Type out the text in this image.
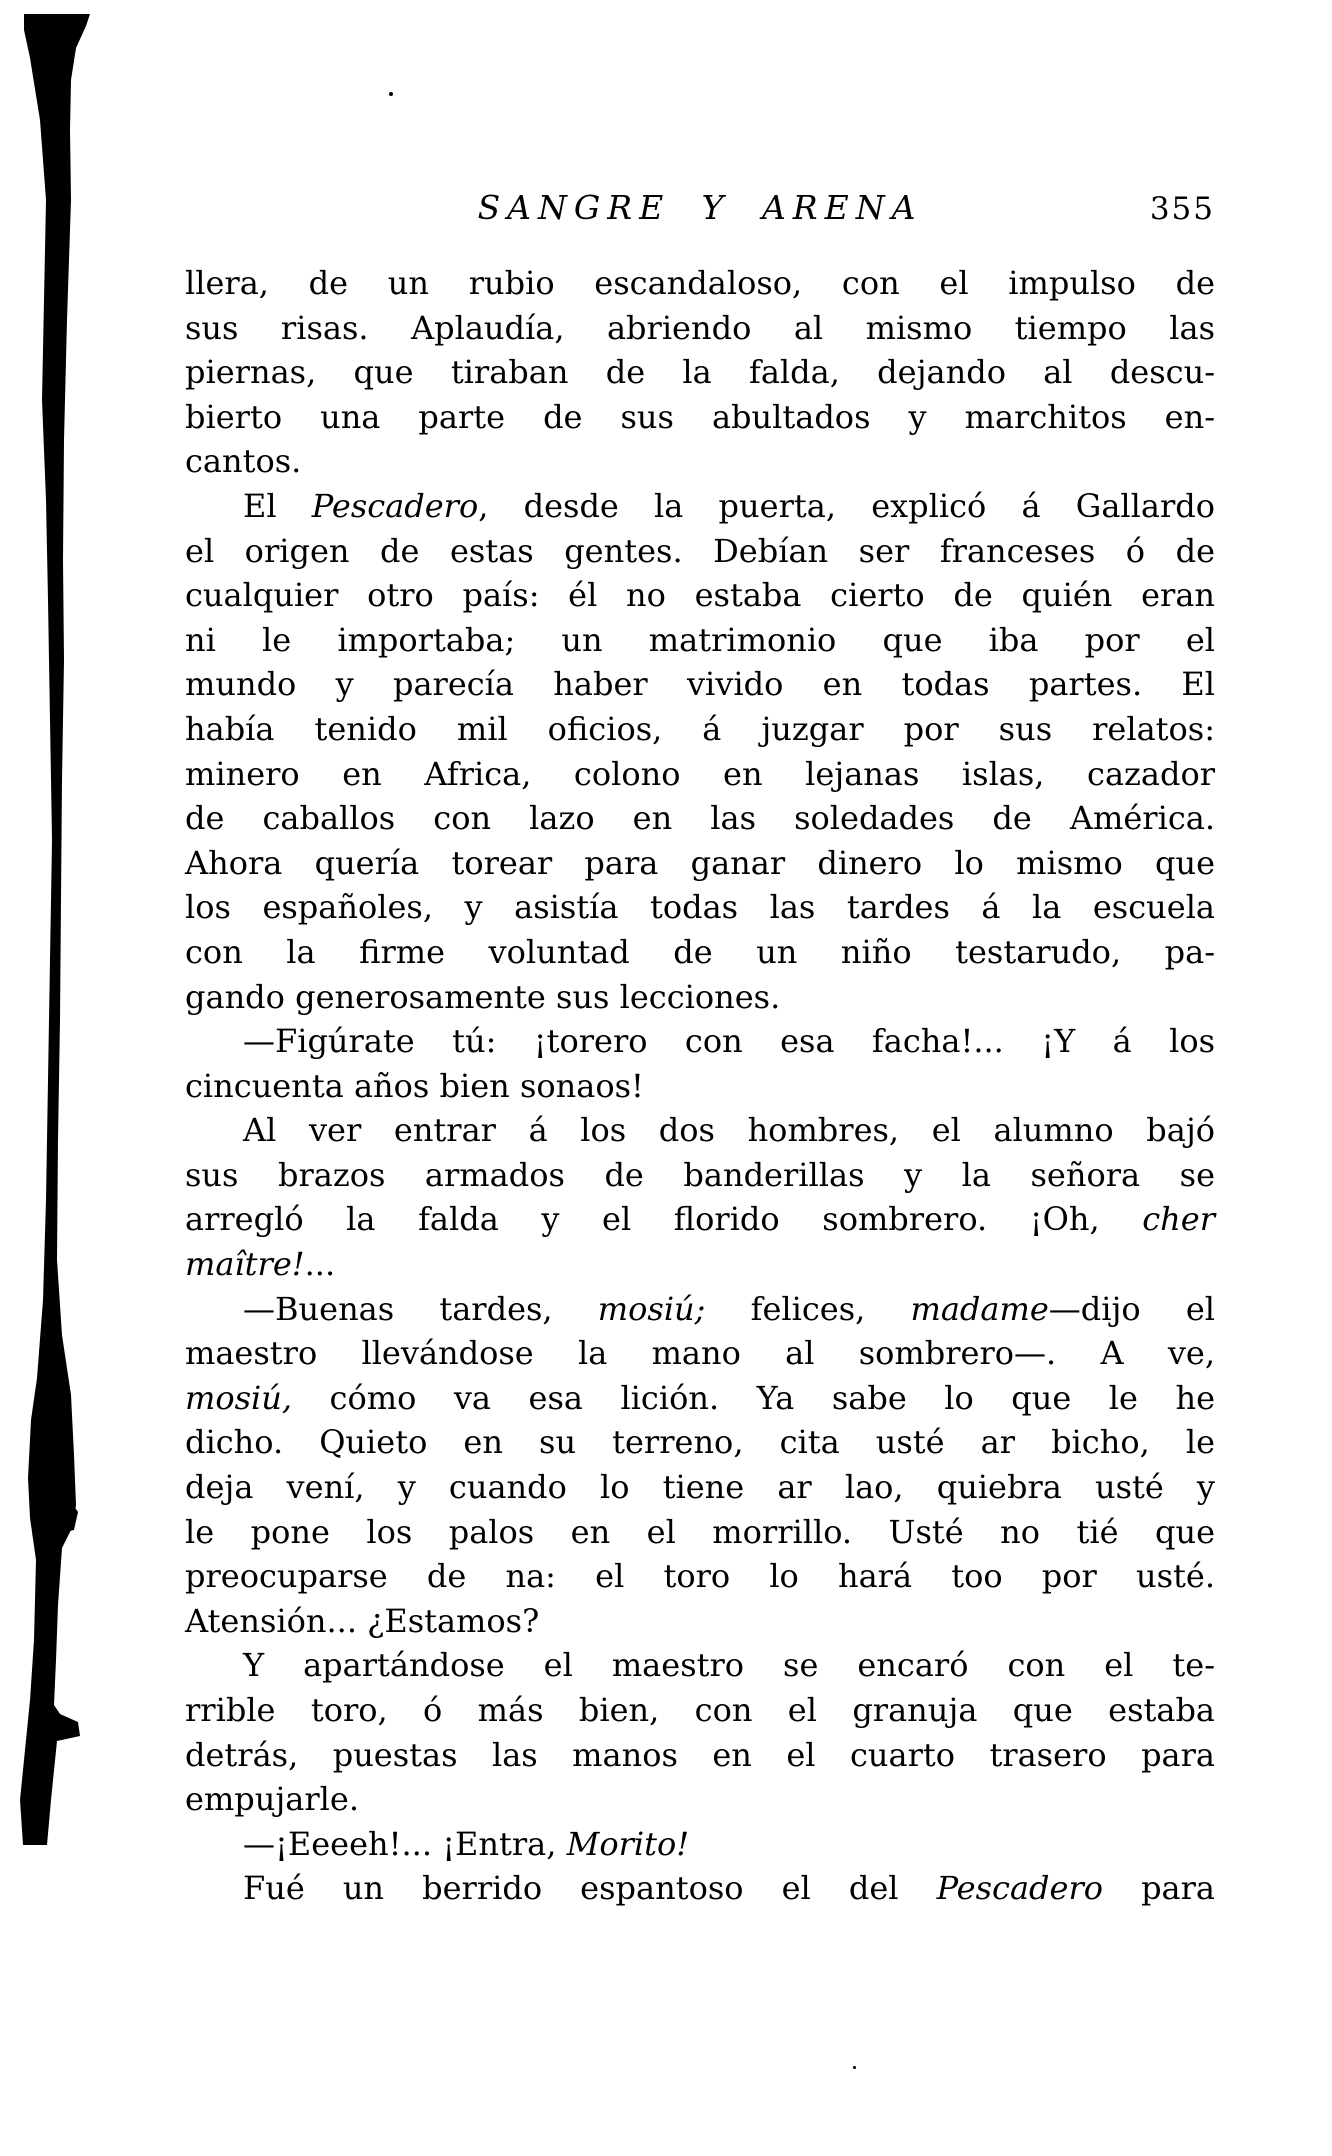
SANGRE Y ARENA	355
llera, de un rubio escandaloso, con el impulso de
sus risas. Aplaudía, abriendo al mismo tiempo las
piernas, que tiraban de la falda, dejando al descu-
bierto una parte de sus abultados y marchitos en-
cantos.
El Pescadero, desde la puerta, explicó á Gallardo
el origen de estas gentes. Debían ser franceses ó de
cualquier otro país: él no estaba cierto de quién eran
ni le importaba; un matrimonio que iba por el
mundo y parecía haber vivido en todas partes. El
había tenido mil oficios, á juzgar por sus relatos:
minero en Africa, colono en lejanas islas, cazador
de caballos con lazo en las soledades de América.
Ahora quería torear para ganar dinero lo mismo que
los españoles, y asistía todas las tardes á la escuela
con la firme voluntad de un niño testarudo, pa-
gando generosamente sus lecciones.
—Figúrate tú: ¡torero con esa facha!... ¡Y á los
cincuenta años bien sonaos!
Al ver entrar á los dos hombres, el alumno bajó
sus brazos armados de banderillas y la señora se
arregló la falda y el florido sombrero. ¡Oh, cher
maître!...
—Buenas tardes, mosiú; felices, madame—dijo el
maestro llevándose la mano al sombrero—. A ve,
mosiú, cómo va esa lición. Ya sabe lo que le he
dicho. Quieto en su terreno, cita usté ar bicho, le
deja vení, y cuando lo tiene ar lao, quiebra usté y
le pone los palos en el morrillo. Usté no tié que
preocuparse de na: el toro lo hará too por usté.
Atensión... ¿Estamos?
Y apartándose el maestro se encaró con el te-
rrible toro, ó más bien, con el granuja que estaba
detrás, puestas las manos en el cuarto trasero para
empujarle.
—¡Eeeeh!... ¡Entra, Morito!
Fué un berrido espantoso el del Pescadero para
